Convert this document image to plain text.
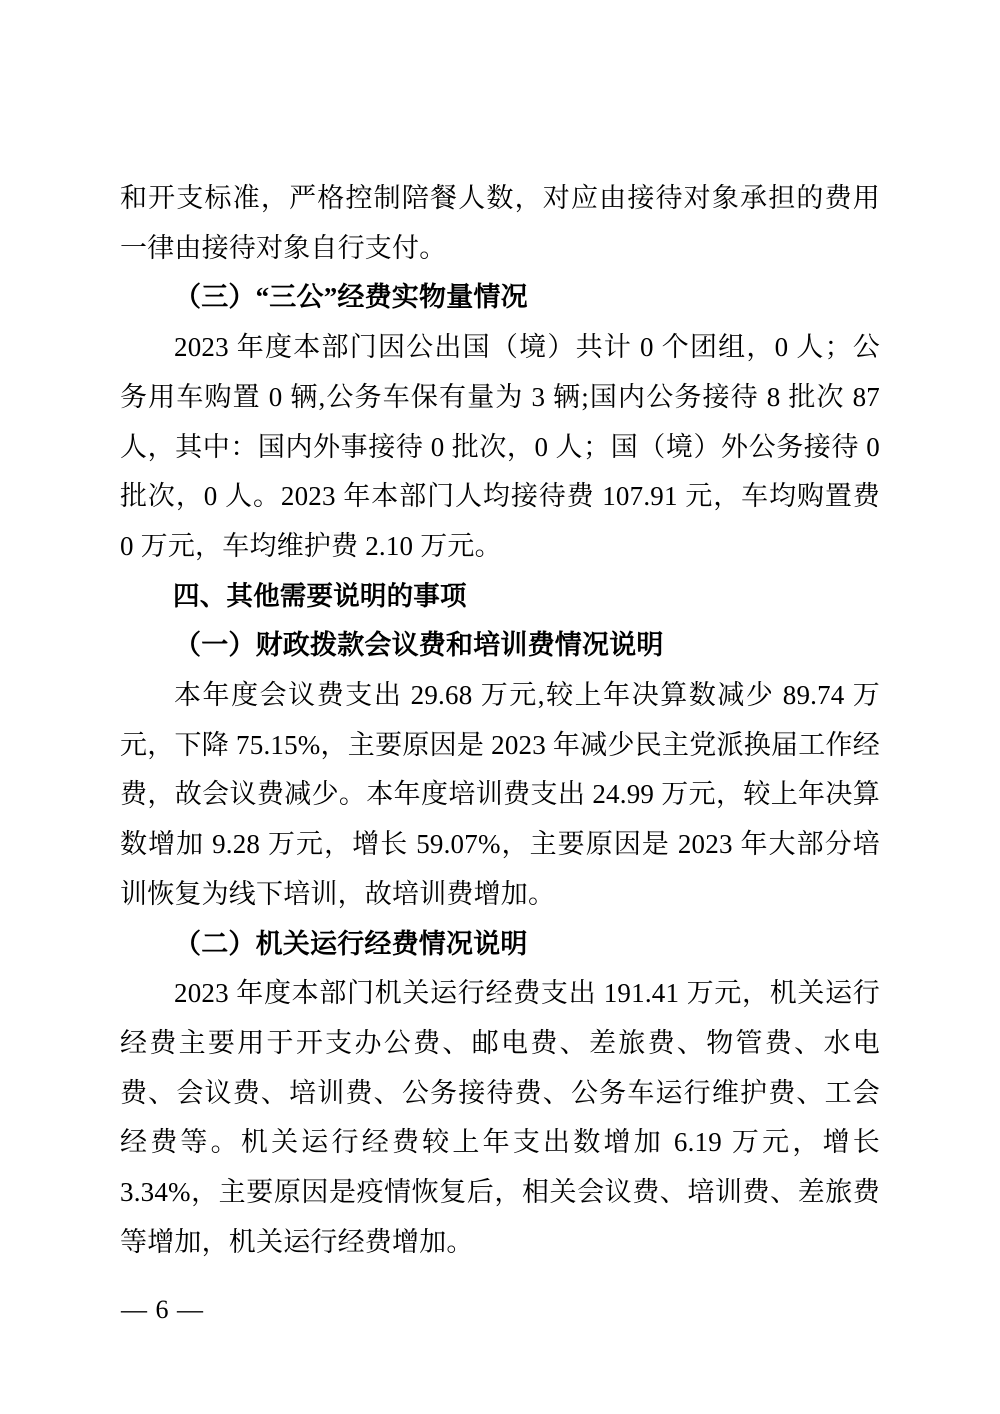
和开支标准，严格控制陪餐人数，对应由接待对象承担的费用一律由接待对象自行支付。

（三）“三公”经费实物量情况

2023 年度本部门因公出国（境）共计 0 个团组，0 人；公务用车购置 0 辆,公务车保有量为 3 辆;国内公务接待 8 批次 87 人，其中：国内外事接待 0 批次，0 人；国（境）外公务接待 0 批次，0 人。2023 年本部门人均接待费 107.91 元，车均购置费 0 万元，车均维护费 2.10 万元。

四、其他需要说明的事项

（一）财政拨款会议费和培训费情况说明

本年度会议费支出 29.68 万元,较上年决算数减少 89.74 万元，下降 75.15%，主要原因是 2023 年减少民主党派换届工作经费，故会议费减少。本年度培训费支出 24.99 万元，较上年决算数增加 9.28 万元，增长 59.07%，主要原因是 2023 年大部分培训恢复为线下培训，故培训费增加。

（二）机关运行经费情况说明

2023 年度本部门机关运行经费支出 191.41 万元，机关运行经费主要用于开支办公费、邮电费、差旅费、物管费、水电费、会议费、培训费、公务接待费、公务车运行维护费、工会经费等。机关运行经费较上年支出数增加 6.19 万元，增长 3.34%，主要原因是疫情恢复后，相关会议费、培训费、差旅费等增加，机关运行经费增加。

— 6 —
